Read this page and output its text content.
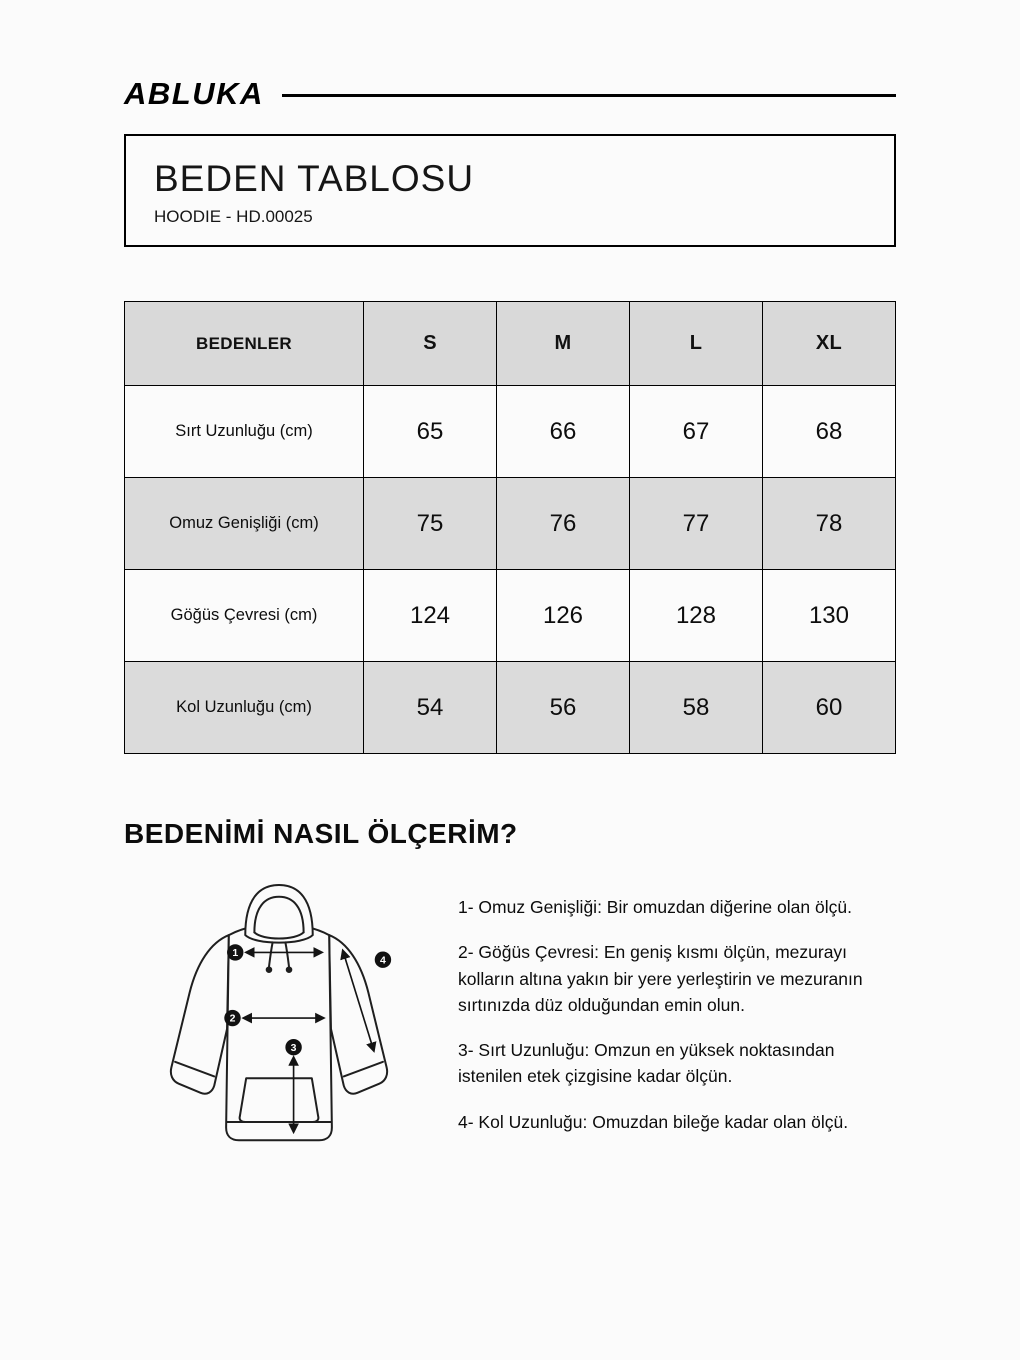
ABLUKA
BEDEN TABLOSU
HOODIE - HD.00025
BEDENLER	S	M	L	XL
Sırt Uzunluğu (cm)	65	66	67	68
Omuz Genişliği (cm)	75	76	77	78
Göğüs Çevresi (cm)	124	126	128	130
Kol Uzunluğu (cm)	54	56	58	60
BEDENİMİ NASIL ÖLÇERİM?
1
2
3
4

1- Omuz Genişliği: Bir omuzdan diğerine olan ölçü.

2- Göğüs Çevresi: En geniş kısmı ölçün, mezurayı kolların altına yakın bir yere yerleştirin ve mezuranın sırtınızda düz olduğundan emin olun.

3- Sırt Uzunluğu: Omzun en yüksek noktasından istenilen etek çizgisine kadar ölçün.

4- Kol Uzunluğu: Omuzdan bileğe kadar olan ölçü.
